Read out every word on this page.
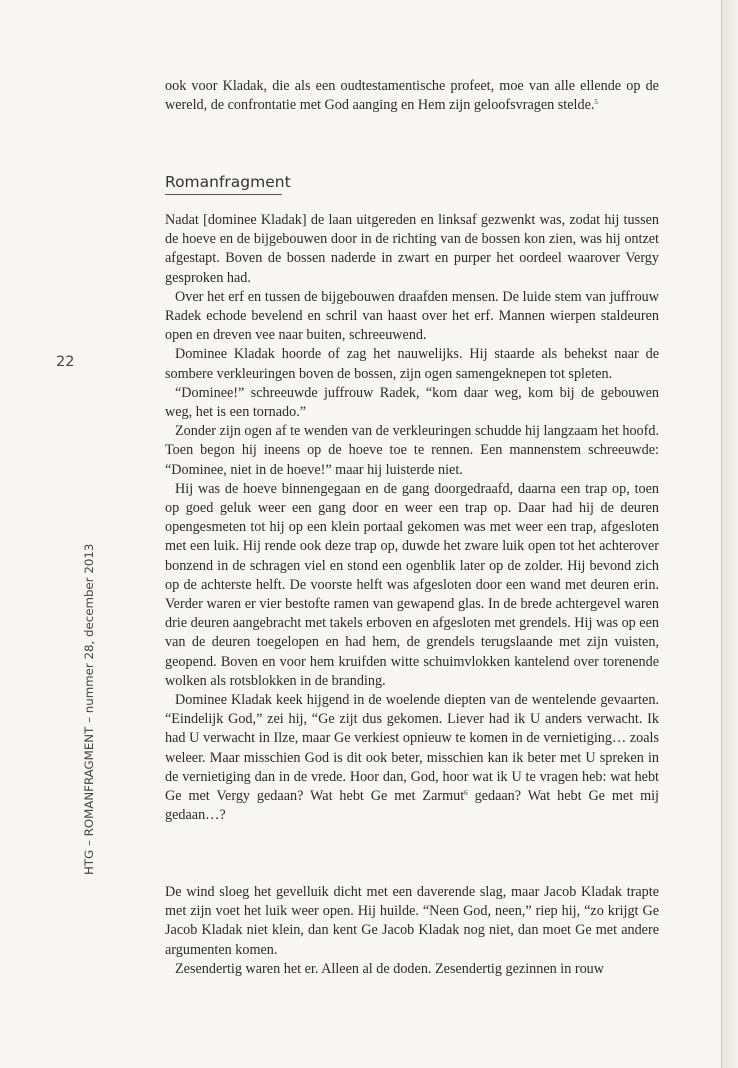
ook voor Kladak, die als een oudtestamentische profeet, moe van alle ellende op de wereld, de confrontatie met God aanging en Hem zijn geloofsvragen stelde.$^5$

Romanfragment

Nadat [dominee Kladak] de laan uitgereden en linksaf gezwenkt was, zodat hij tussen de hoeve en de bijgebouwen door in de richting van de bossen kon zien, was hij ontzet afgestapt. Boven de bossen naderde in zwart en purper het oordeel waarover Vergy gesproken had.

Over het erf en tussen de bijgebouwen draafden mensen. De luide stem van juffrouw Radek echode bevelend en schril van haast over het erf. Mannen wierpen staldeuren open en dreven vee naar buiten, schreeuwend.

Dominee Kladak hoorde of zag het nauwelijks. Hij staarde als behekst naar de sombere verkleuringen boven de bossen, zijn ogen samengeknepen tot spleten.

“Dominee!” schreeuwde juffrouw Radek, “kom daar weg, kom bij de gebouwen weg, het is een tornado.”

Zonder zijn ogen af te wenden van de verkleuringen schudde hij langzaam het hoofd. Toen begon hij ineens op de hoeve toe te rennen. Een mannenstem schreeuwde: “Dominee, niet in de hoeve!” maar hij luisterde niet.

Hij was de hoeve binnengegaan en de gang doorgedraafd, daarna een trap op, toen op goed geluk weer een gang door en weer een trap op. Daar had hij de deuren opengesmeten tot hij op een klein portaal gekomen was met weer een trap, afgesloten met een luik. Hij rende ook deze trap op, duwde het zware luik open tot het achterover bonzend in de schragen viel en stond een ogenblik later op de zolder. Hij bevond zich op de achterste helft. De voorste helft was afgesloten door een wand met deuren erin. Verder waren er vier bestofte ramen van gewapend glas. In de brede achtergevel waren drie deuren aangebracht met takels erboven en afgesloten met grendels. Hij was op een van de deuren toegelopen en had hem, de grendels terugslaande met zijn vuisten, geopend. Boven en voor hem kruifden witte schuimvlokken kantelend over torenende wolken als rotsblokken in de branding.

Dominee Kladak keek hijgend in de woelende diepten van de wentelende gevaarten. “Eindelijk God,” zei hij, “Ge zijt dus gekomen. Liever had ik U anders verwacht. Ik had U verwacht in Ilze, maar Ge verkiest opnieuw te komen in de vernietiging… zoals weleer. Maar misschien God is dit ook beter, misschien kan ik beter met U spreken in de vernietiging dan in de vrede. Hoor dan, God, hoor wat ik U te vragen heb: wat hebt Ge met Vergy gedaan? Wat hebt Ge met Zarmut$^6$ gedaan? Wat hebt Ge met mij gedaan…?

De wind sloeg het gevelluik dicht met een daverende slag, maar Jacob Kladak trapte met zijn voet het luik weer open. Hij huilde. “Neen God, neen,” riep hij, “zo krijgt Ge Jacob Kladak niet klein, dan kent Ge Jacob Kladak nog niet, dan moet Ge met andere argumenten komen.

Zesendertig waren het er. Alleen al de doden. Zesendertig gezinnen in rouw

22
HTG – ROMANFRAGMENT – nummer 28, december 2013
